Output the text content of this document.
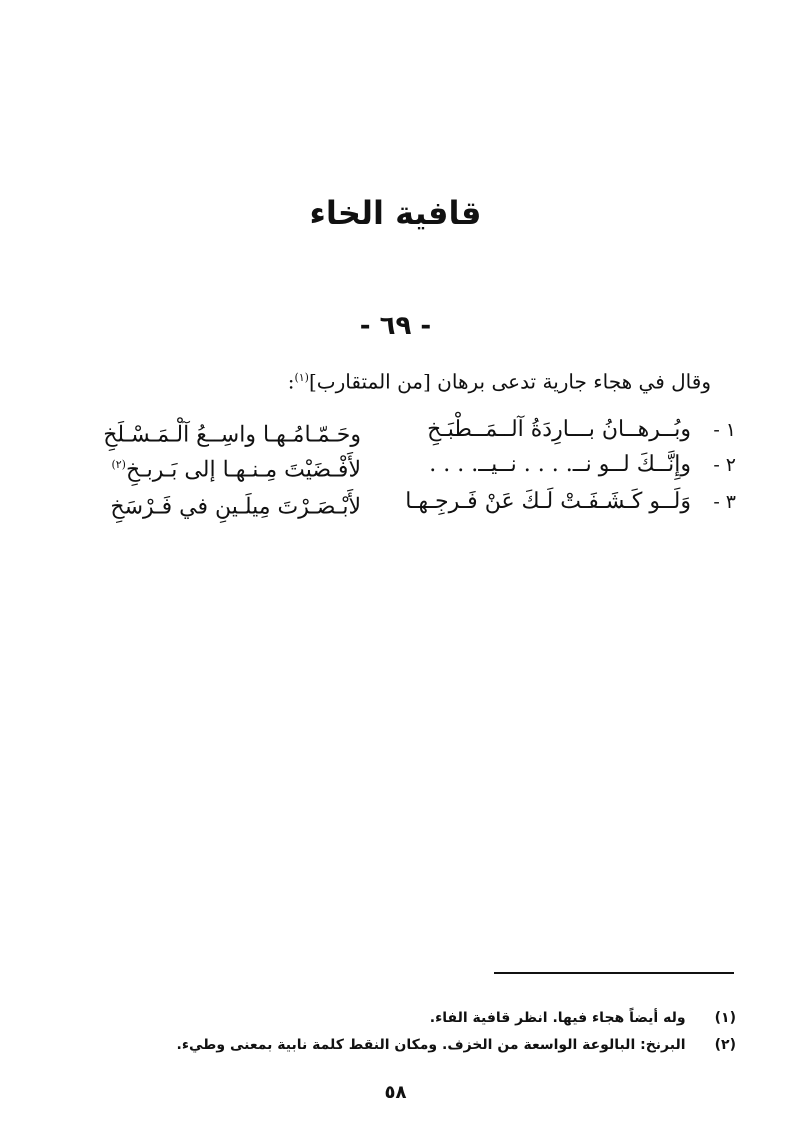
قافية الخاء
- ٦٩ -
وقال في هجاء جارية تدعى برهان [من المتقارب]$^{(١)}$:
١ -
وبُــرهــانُ بـــارِدَةُ آلــمَــطْبَـخِ
وحَـمّـامُـهـا واسِــعُ آلْـمَـسْـلَخِ
٢ -
وإِنَّــكَ لــو نــ. . . . نــيــ. . . .
لأَفْـضَيْتَ مِـنـهـا إلى بَـربـخِ$^{(٢)}$
٣ -
وَلَــو كَـشَـفَـتْ لَـكَ عَنْ فَـرجِـهـا
لأَبْـصَـرْتَ مِيلَـينِ في فَـرْسَخِ
(١) وله أيضاً هجاء فيها. انظر قافية الفاء.
(٢) البرنخ: البالوعة الواسعة من الخزف. ومكان النقط كلمة نابية بمعنى وطيء.
٥٨
